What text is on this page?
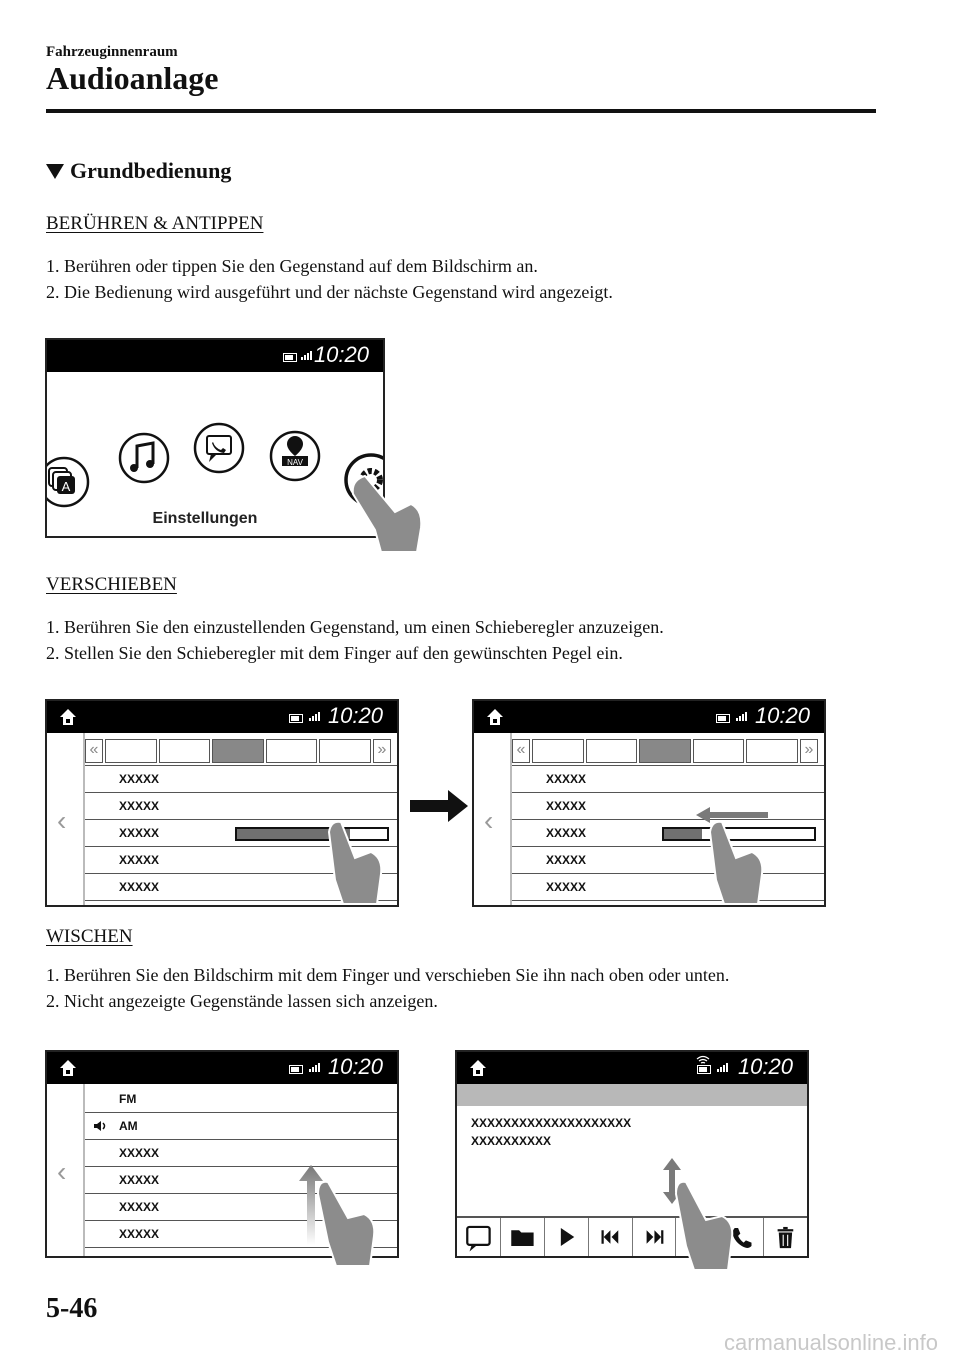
Fahrzeuginnenraum
Audioanlage
Grundbedienung
BERÜHREN & ANTIPPEN
1. Berühren oder tippen Sie den Gegenstand auf dem Bildschirm an.
2. Die Bedienung wird ausgeführt und der nächste Gegenstand wird angezeigt.
10:20
A
NAV
Einstellungen
VERSCHIEBEN
1. Berühren Sie den einzustellenden Gegenstand, um einen Schieberegler anzuzeigen.
2. Stellen Sie den Schieberegler mit dem Finger auf den gewünschten Pegel ein.
10:20
‹
«	»
XXXXX
XXXXX
XXXXX
XXXXX
XXXXX
10:20
‹
«	»
XXXXX
XXXXX
XXXXX
XXXXX
XXXXX
WISCHEN
1. Berühren Sie den Bildschirm mit dem Finger und verschieben Sie ihn nach oben oder unten.
2. Nicht angezeigte Gegenstände lassen sich anzeigen.
10:20
‹
FM
AM
XXXXX
XXXXX
XXXXX
XXXXX
10:20
XXXXXXXXXXXXXXXXXXXX
XXXXXXXXXX
5-46
carmanualsonline.info
